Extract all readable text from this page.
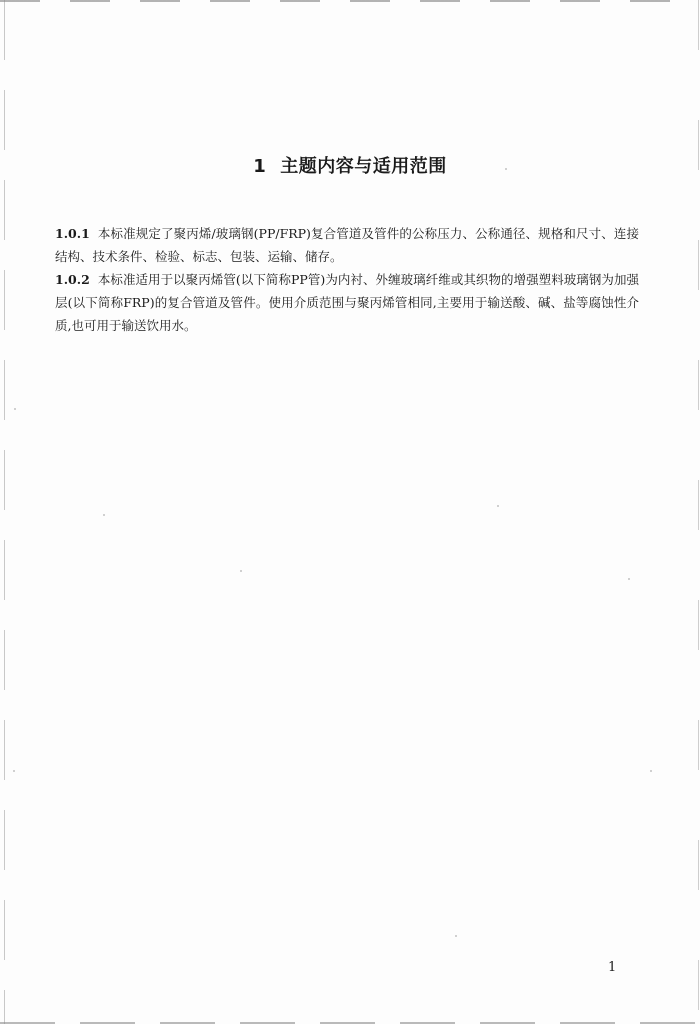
1 主题内容与适用范围

1.0.1 本标准规定了聚丙烯/玻璃钢(PP/FRP)复合管道及管件的公称压力、公称通径、规格和尺寸、连接结构、技术条件、检验、标志、包装、运输、储存。

1.0.2 本标准适用于以聚丙烯管(以下简称PP管)为内衬、外缠玻璃纤维或其织物的增强塑料玻璃钢为加强层(以下简称FRP)的复合管道及管件。使用介质范围与聚丙烯管相同,主要用于输送酸、碱、盐等腐蚀性介质,也可用于输送饮用水。

1
